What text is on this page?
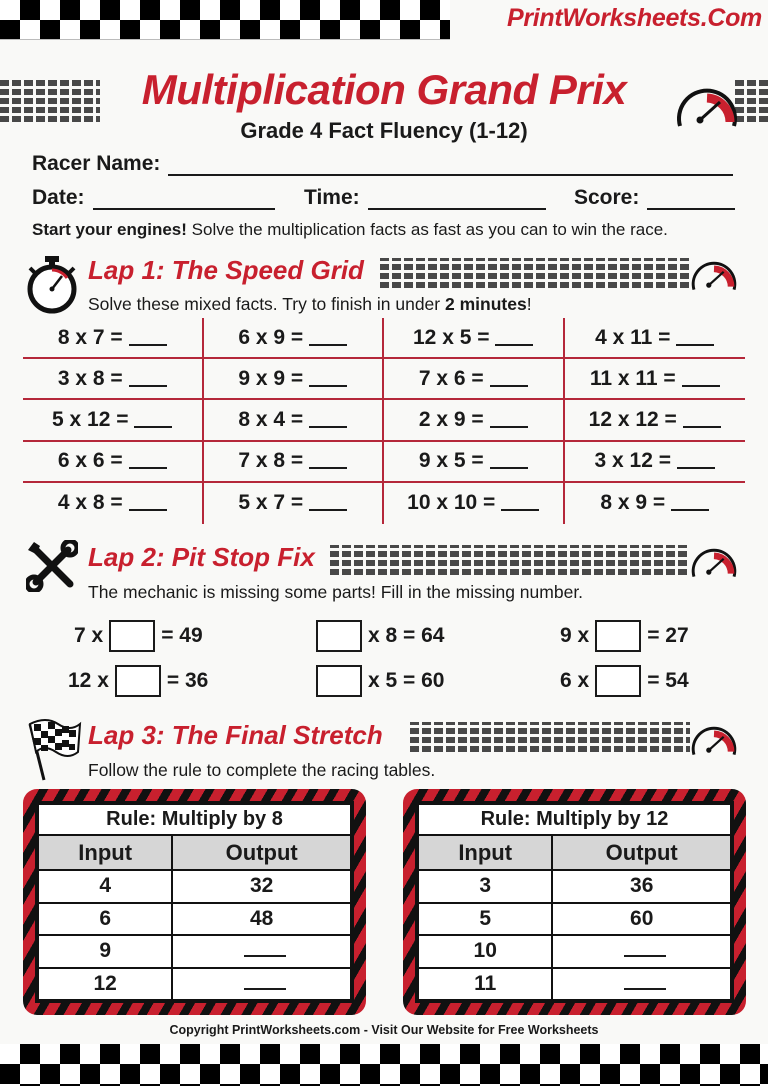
PrintWorksheets.Com
Multiplication Grand Prix
Grade 4 Fact Fluency (1-12)
Racer Name:
Date:	Time:	Score:
Start your engines! Solve the multiplication facts as fast as you can to win the race.
Lap 1: The Speed Grid
Solve these mixed facts. Try to finish in under 2 minutes!
8 x 7 =	6 x 9 =	12 x 5 =	4 x 11 =
3 x 8 =	9 x 9 =	7 x 6 =	11 x 11 =
5 x 12 =	8 x 4 =	2 x 9 =	12 x 12 =
6 x 6 =	7 x 8 =	9 x 5 =	3 x 12 =
4 x 8 =	5 x 7 =	10 x 10 =	8 x 9 =
Lap 2: Pit Stop Fix
The mechanic is missing some parts! Fill in the missing number.
7 x	= 49	x 8 = 64	9 x	= 27
12 x	= 36	x 5 = 60	6 x	= 54
Lap 3: The Final Stretch
Follow the rule to complete the racing tables.
Rule: Multiply by 8	
Input	Output
4	32
6	48
9	
12	
Rule: Multiply by 12	
Input	Output
3	36
5	60
10	
11	
Copyright PrintWorksheets.com - Visit Our Website for Free Worksheets
